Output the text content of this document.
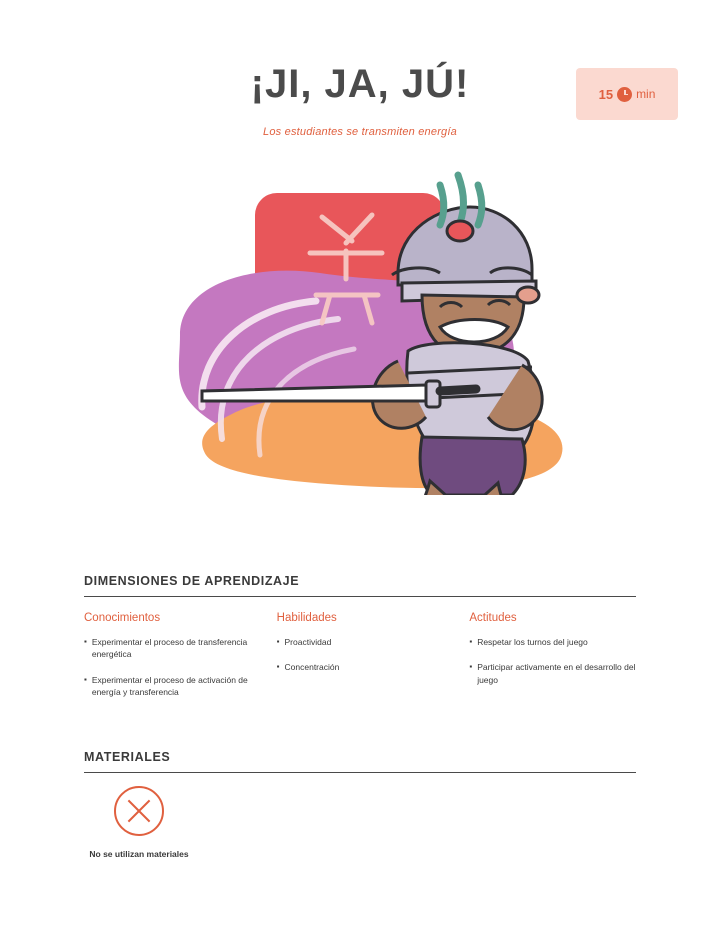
¡JI, JA, JÚ!
Los estudiantes se transmiten energía
15 min
DIMENSIONES DE APRENDIZAJE
Conocimientos
▪ Experimentar el proceso de transferencia energética
▪ Experimentar el proceso de activación de energía y transferencia
Habilidades
▪ Proactividad
▪ Concentración
Actitudes
▪ Respetar los turnos del juego
▪ Participar activamente en el desarrollo del juego
MATERIALES
No se utilizan materiales
